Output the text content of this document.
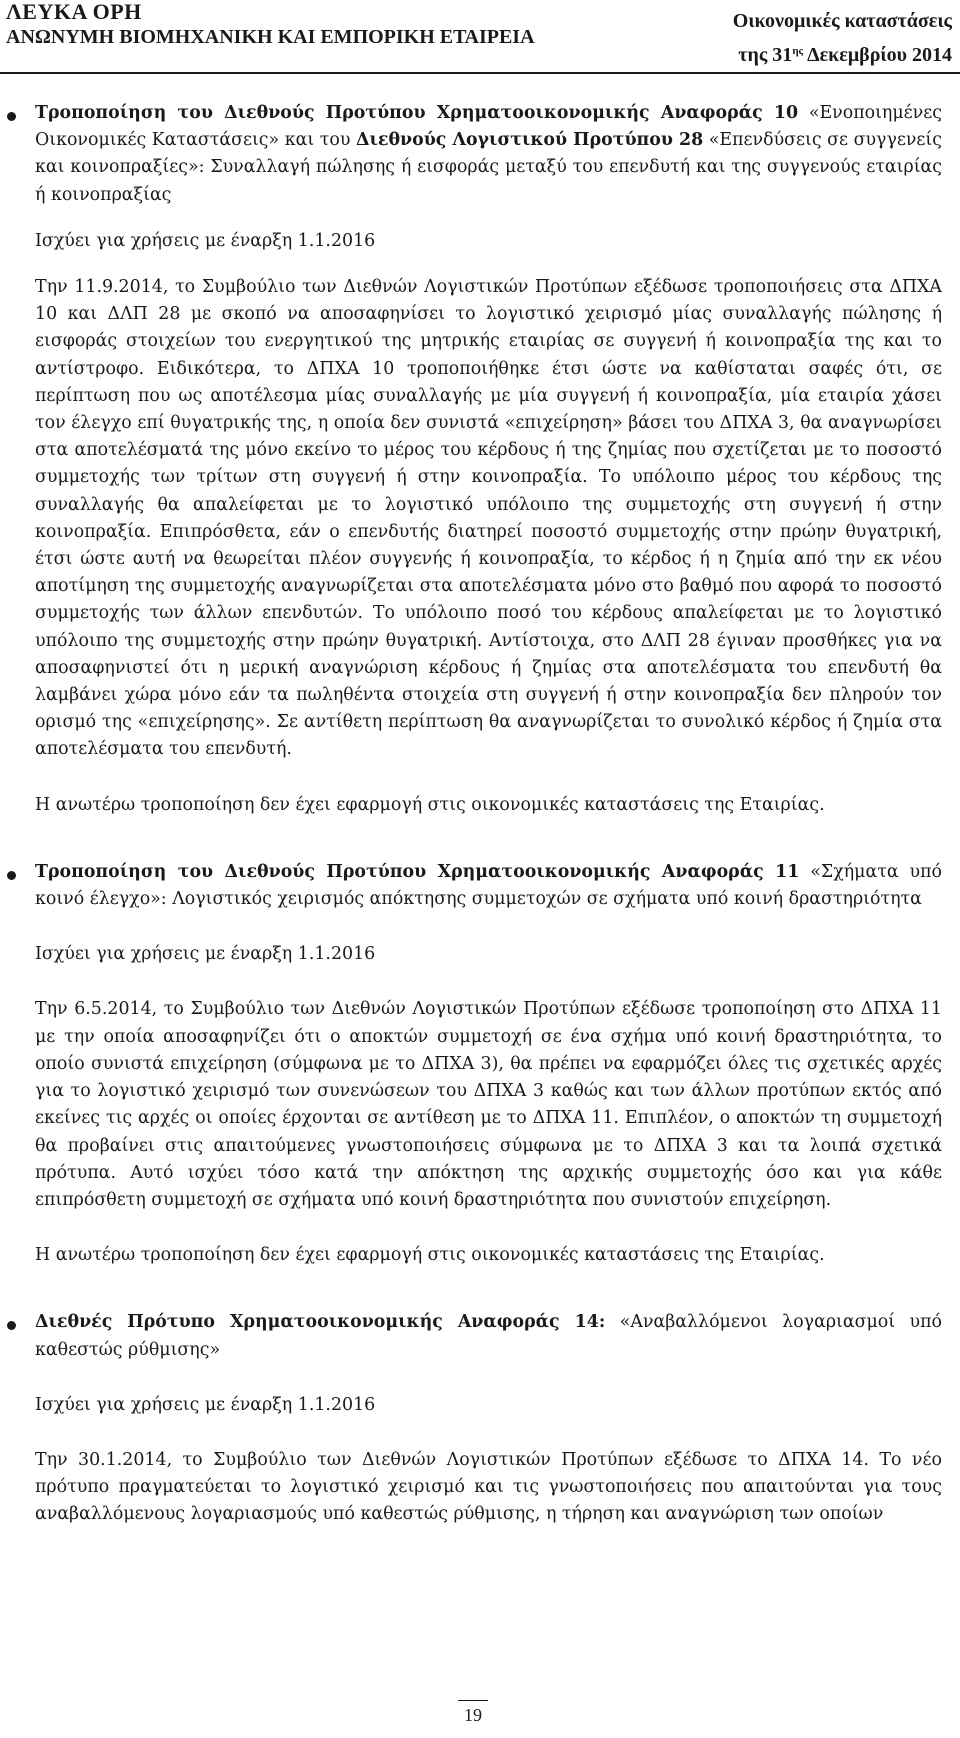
ΛΕΥΚΑ ΟΡΗ
ΑΝΩΝΥΜΗ ΒΙΟΜΗΧΑΝΙΚΗ ΚΑΙ ΕΜΠΟΡΙΚΗ ΕΤΑΙΡΕΙΑ
Οικονομικές καταστάσεις
της $31^{\eta\varsigma}$ Δεκεμβρίου 2014
Τροποποίηση του Διεθνούς Προτύπου Χρηματοοικονομικής Αναφοράς 10 «Ενοποιημένες Οικονομικές Καταστάσεις» και του Διεθνούς Λογιστικού Προτύπου 28 «Επενδύσεις σε συγγενείς και κοινοπραξίες»: Συναλλαγή πώλησης ή εισφοράς μεταξύ του επενδυτή και της συγγενούς εταιρίας ή κοινοπραξίας

Ισχύει για χρήσεις με έναρξη 1.1.2016

Την 11.9.2014, το Συμβούλιο των Διεθνών Λογιστικών Προτύπων εξέδωσε τροποποιήσεις στα ΔΠΧΑ 10 και ΔΛΠ 28 με σκοπό να αποσαφηνίσει το λογιστικό χειρισμό μίας συναλλαγής πώλησης ή εισφοράς στοιχείων του ενεργητικού της μητρικής εταιρίας σε συγγενή ή κοινοπραξία της και το αντίστροφο. Ειδικότερα, το ΔΠΧΑ 10 τροποποιήθηκε έτσι ώστε να καθίσταται σαφές ότι, σε περίπτωση που ως αποτέλεσμα μίας συναλλαγής με μία συγγενή ή κοινοπραξία, μία εταιρία χάσει τον έλεγχο επί θυγατρικής της, η οποία δεν συνιστά «επιχείρηση» βάσει του ΔΠΧΑ 3, θα αναγνωρίσει στα αποτελέσματά της μόνο εκείνο το μέρος του κέρδους ή της ζημίας που σχετίζεται με το ποσοστό συμμετοχής των τρίτων στη συγγενή ή στην κοινοπραξία. Το υπόλοιπο μέρος του κέρδους της συναλλαγής θα απαλείφεται με το λογιστικό υπόλοιπο της συμμετοχής στη συγγενή ή στην κοινοπραξία. Επιπρόσθετα, εάν ο επενδυτής διατηρεί ποσοστό συμμετοχής στην πρώην θυγατρική, έτσι ώστε αυτή να θεωρείται πλέον συγγενής ή κοινοπραξία, το κέρδος ή η ζημία από την εκ νέου αποτίμηση της συμμετοχής αναγνωρίζεται στα αποτελέσματα μόνο στο βαθμό που αφορά το ποσοστό συμμετοχής των άλλων επενδυτών. Το υπόλοιπο ποσό του κέρδους απαλείφεται με το λογιστικό υπόλοιπο της συμμετοχής στην πρώην θυγατρική. Αντίστοιχα, στο ΔΛΠ 28 έγιναν προσθήκες για να αποσαφηνιστεί ότι η μερική αναγνώριση κέρδους ή ζημίας στα αποτελέσματα του επενδυτή θα λαμβάνει χώρα μόνο εάν τα πωληθέντα στοιχεία στη συγγενή ή στην κοινοπραξία δεν πληρούν τον ορισμό της «επιχείρησης». Σε αντίθετη περίπτωση θα αναγνωρίζεται το συνολικό κέρδος ή ζημία στα αποτελέσματα του επενδυτή.

Η ανωτέρω τροποποίηση δεν έχει εφαρμογή στις οικονομικές καταστάσεις της Εταιρίας.

Τροποποίηση του Διεθνούς Προτύπου Χρηματοοικονομικής Αναφοράς 11 «Σχήματα υπό κοινό έλεγχο»: Λογιστικός χειρισμός απόκτησης συμμετοχών σε σχήματα υπό κοινή δραστηριότητα

Ισχύει για χρήσεις με έναρξη 1.1.2016

Την 6.5.2014, το Συμβούλιο των Διεθνών Λογιστικών Προτύπων εξέδωσε τροποποίηση στο ΔΠΧΑ 11 με την οποία αποσαφηνίζει ότι ο αποκτών συμμετοχή σε ένα σχήμα υπό κοινή δραστηριότητα, το οποίο συνιστά επιχείρηση (σύμφωνα με το ΔΠΧΑ 3), θα πρέπει να εφαρμόζει όλες τις σχετικές αρχές για το λογιστικό χειρισμό των συνενώσεων του ΔΠΧΑ 3 καθώς και των άλλων προτύπων εκτός από εκείνες τις αρχές οι οποίες έρχονται σε αντίθεση με το ΔΠΧΑ 11. Επιπλέον, ο αποκτών τη συμμετοχή θα προβαίνει στις απαιτούμενες γνωστοποιήσεις σύμφωνα με το ΔΠΧΑ 3 και τα λοιπά σχετικά πρότυπα. Αυτό ισχύει τόσο κατά την απόκτηση της αρχικής συμμετοχής όσο και για κάθε επιπρόσθετη συμμετοχή σε σχήματα υπό κοινή δραστηριότητα που συνιστούν επιχείρηση.

Η ανωτέρω τροποποίηση δεν έχει εφαρμογή στις οικονομικές καταστάσεις της Εταιρίας.

Διεθνές Πρότυπο Χρηματοοικονομικής Αναφοράς 14: «Αναβαλλόμενοι λογαριασμοί υπό καθεστώς ρύθμισης»

Ισχύει για χρήσεις με έναρξη 1.1.2016

Την 30.1.2014, το Συμβούλιο των Διεθνών Λογιστικών Προτύπων εξέδωσε το ΔΠΧΑ 14. Το νέο πρότυπο πραγματεύεται το λογιστικό χειρισμό και τις γνωστοποιήσεις που απαιτούνται για τους αναβαλλόμενους λογαριασμούς υπό καθεστώς ρύθμισης, η τήρηση και αναγνώριση των οποίων

19
